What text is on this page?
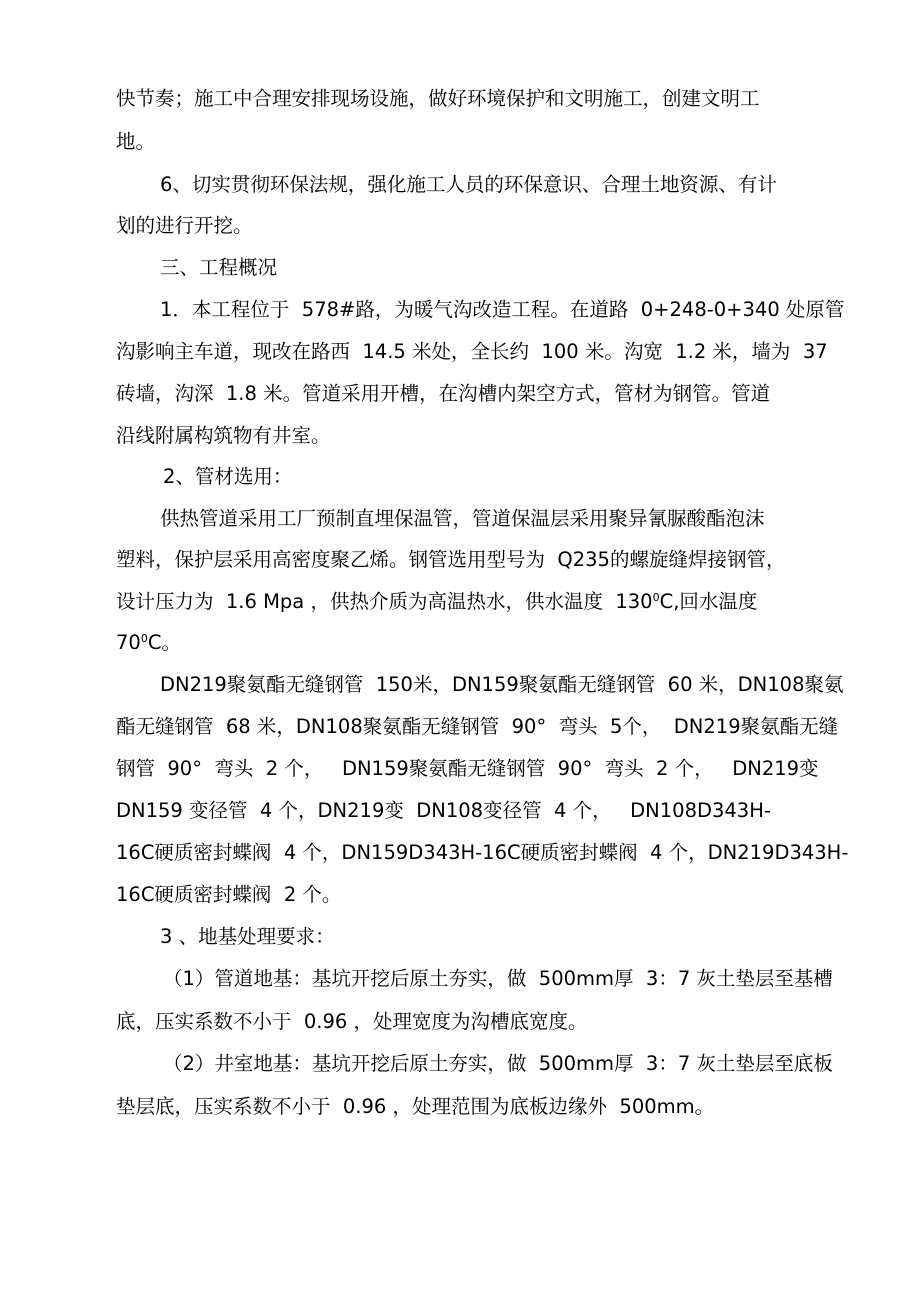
快节奏；施工中合理安排现场设施，做好环境保护和文明施工，创建文明工

地。

6、切实贯彻环保法规，强化施工人员的环保意识、合理土地资源、有计

划的进行开挖。

三、工程概况

1．本工程位于  578#路，为暖气沟改造工程。在道路  0+248-0+340 处原管

沟影响主车道，现改在路西  14.5 米处，全长约  100 米。沟宽  1.2 米，墙为  37

砖墙，沟深  1.8 米。管道采用开槽，在沟槽内架空方式，管材为钢管。管道

沿线附属构筑物有井室。

2、管材选用：

供热管道采用工厂预制直埋保温管，管道保温层采用聚异氰脲酸酯泡沫

塑料，保护层采用高密度聚乙烯。钢管选用型号为  Q235的螺旋缝焊接钢管，

设计压力为  1.6 Mpa ，供热介质为高温热水，供水温度  $130^0C$,回水温度

$70^0C$。

DN219聚氨酯无缝钢管  150米，DN159聚氨酯无缝钢管  60 米，DN108聚氨

酯无缝钢管  68 米，DN108聚氨酯无缝钢管  90°  弯头  5个，  DN219聚氨酯无缝

钢管  90°  弯头  2 个，   DN159聚氨酯无缝钢管  90°  弯头  2 个，   DN219变

DN159 变径管  4 个，DN219变  DN108变径管  4 个，   DN108D343H-

16C硬质密封蝶阀  4 个，DN159D343H-16C硬质密封蝶阀  4 个，DN219D343H-

16C硬质密封蝶阀  2 个。

3 、地基处理要求：

（1）管道地基：基坑开挖后原土夯实，做  500mm厚  3：7 灰土垫层至基槽

底，压实系数不小于  0.96 ，处理宽度为沟槽底宽度。

（2）井室地基：基坑开挖后原土夯实，做  500mm厚  3：7 灰土垫层至底板

垫层底，压实系数不小于  0.96 ，处理范围为底板边缘外  500mm。
